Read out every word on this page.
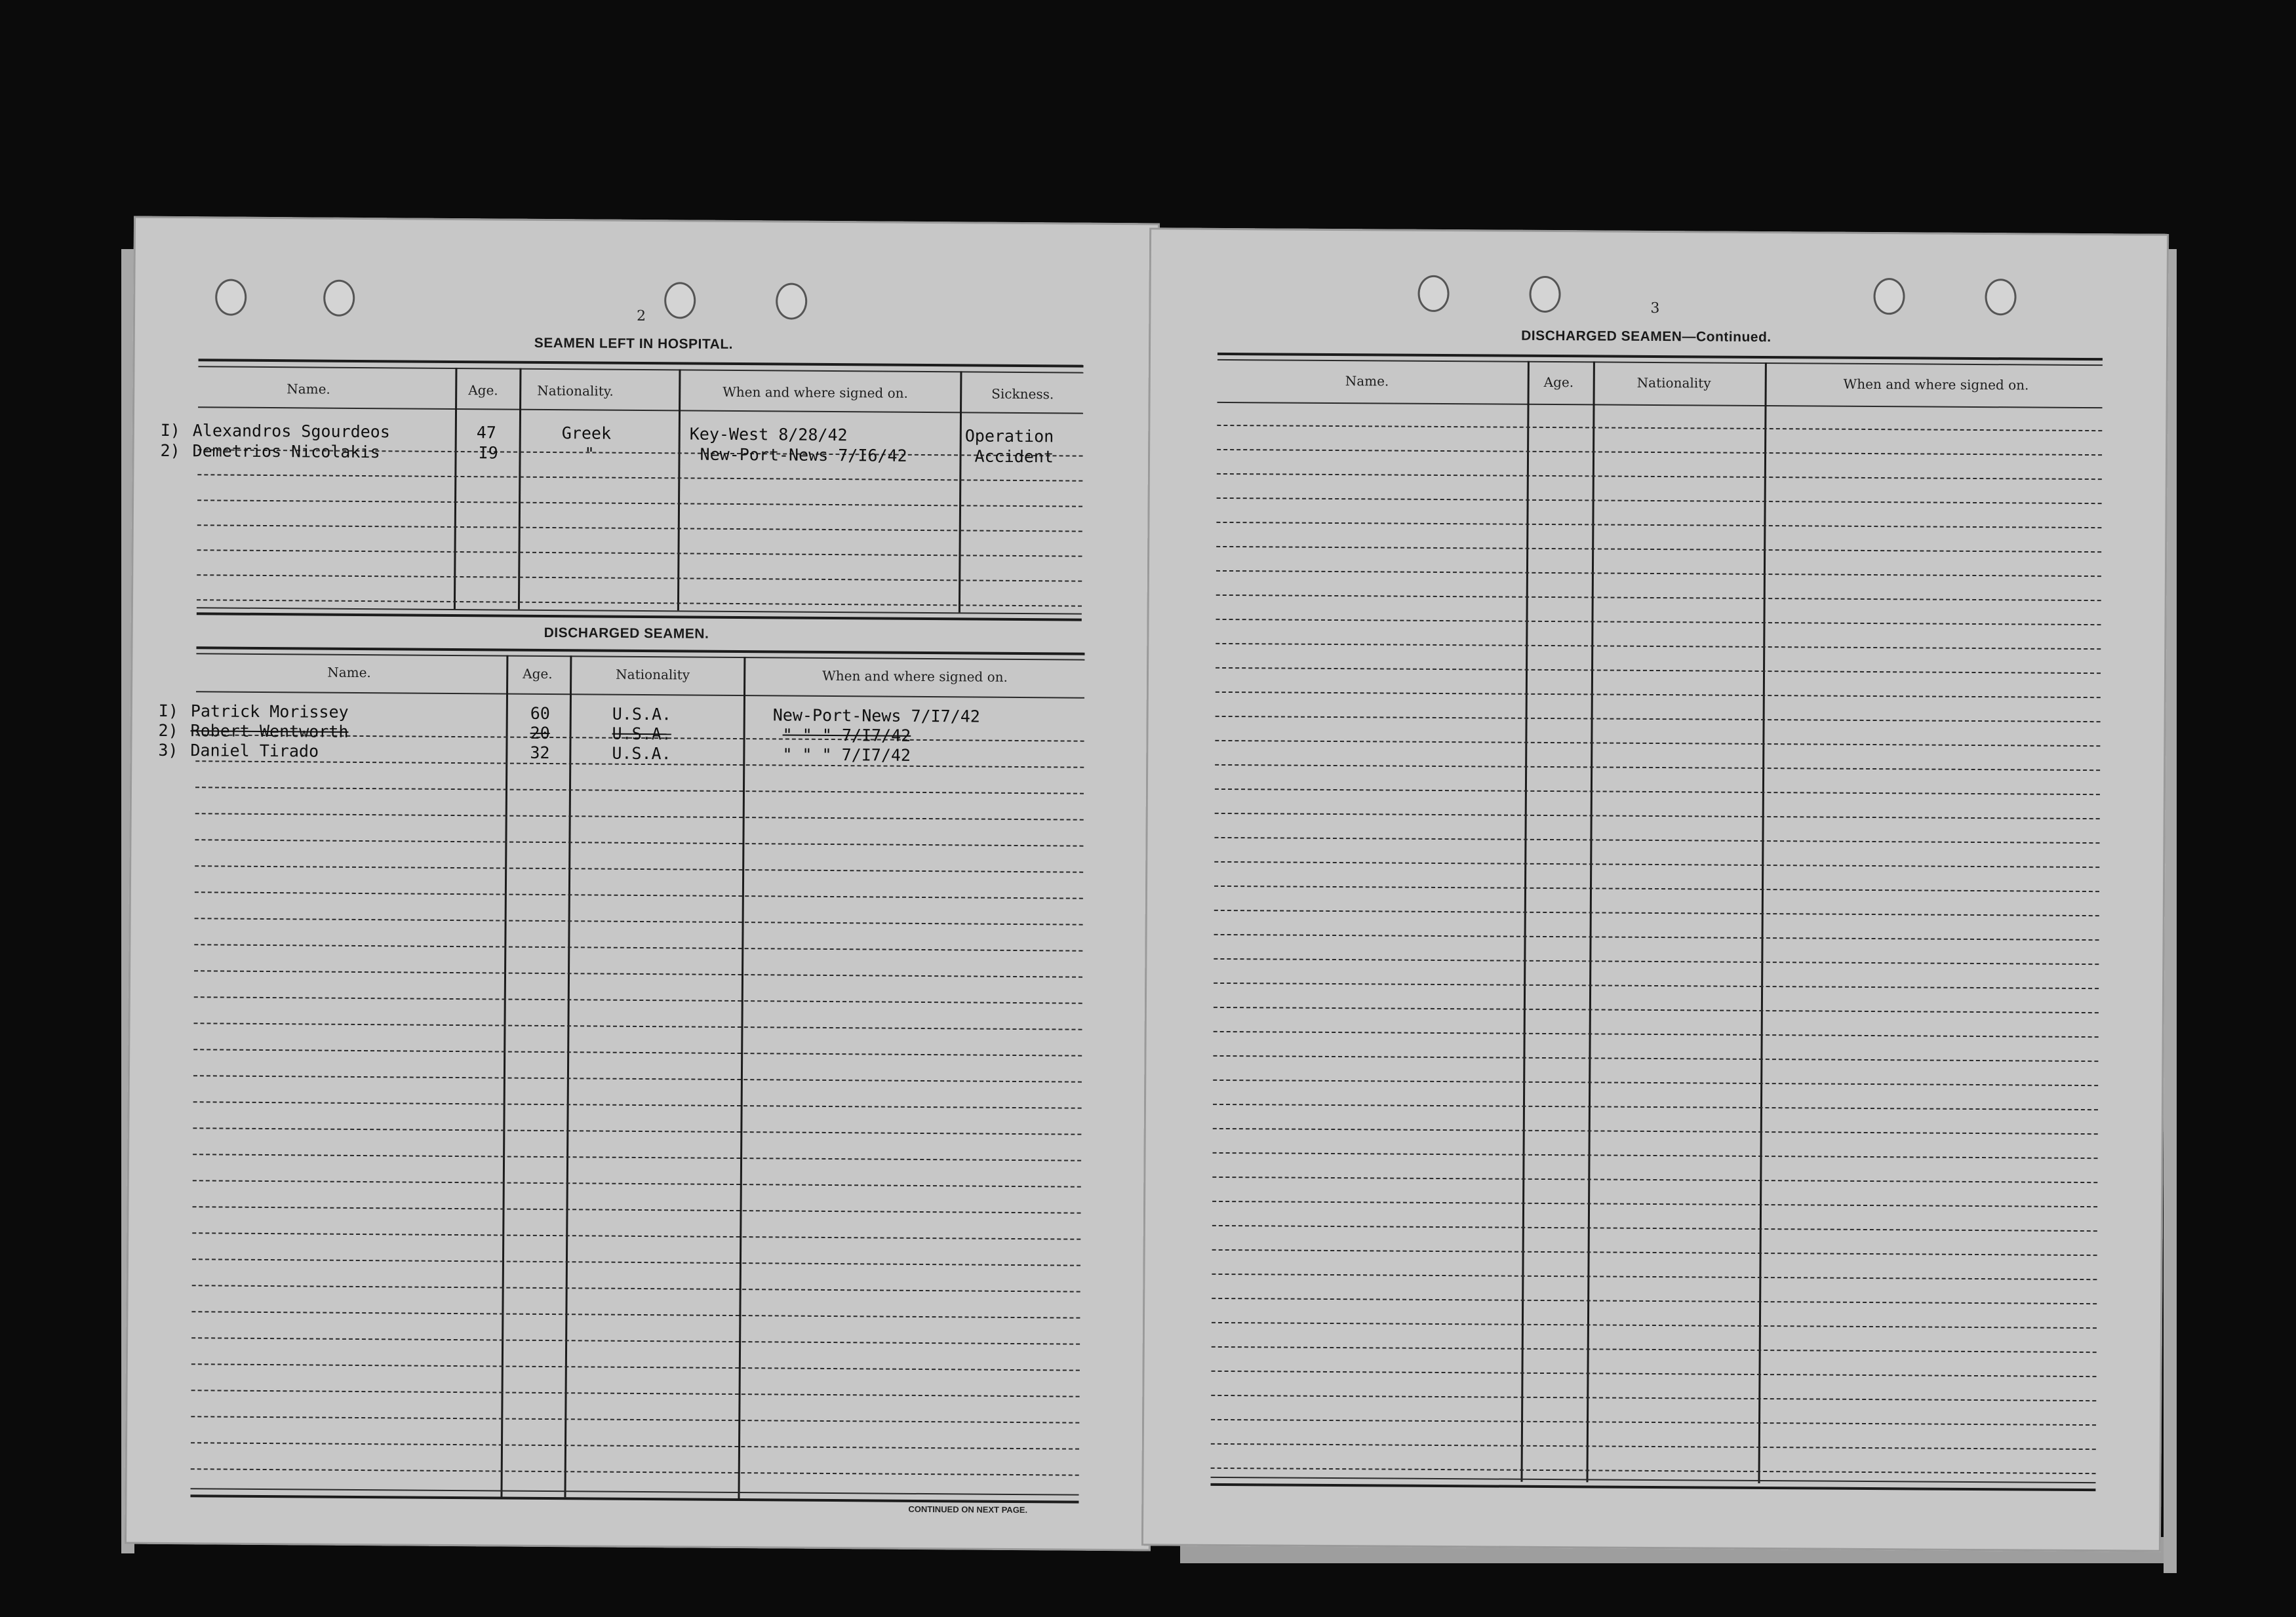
2
SEAMEN LEFT IN HOSPITAL.
Name.	Age.	Nationality.	When and where signed on.	Sickness.
I) Alexandros Sgourdeos	47	Greek	Key-West 8/28/42	Operation
2) Demetrios Nicolakis	I9	"	New-Port-News 7/I6/42	Accident
DISCHARGED SEAMEN.
Name.	Age.	Nationality	When and where signed on.
I) Patrick Morissey	60	U.S.A.	New-Port-News 7/I7/42
2) Robert Wentworth	20	U.S.A.	" " " 7/I7/42
3) Daniel Tirado	32	U.S.A.	" " " 7/I7/42
CONTINUED ON NEXT PAGE.
3
DISCHARGED SEAMEN—Continued.
Name.	Age.	Nationality	When and where signed on.
